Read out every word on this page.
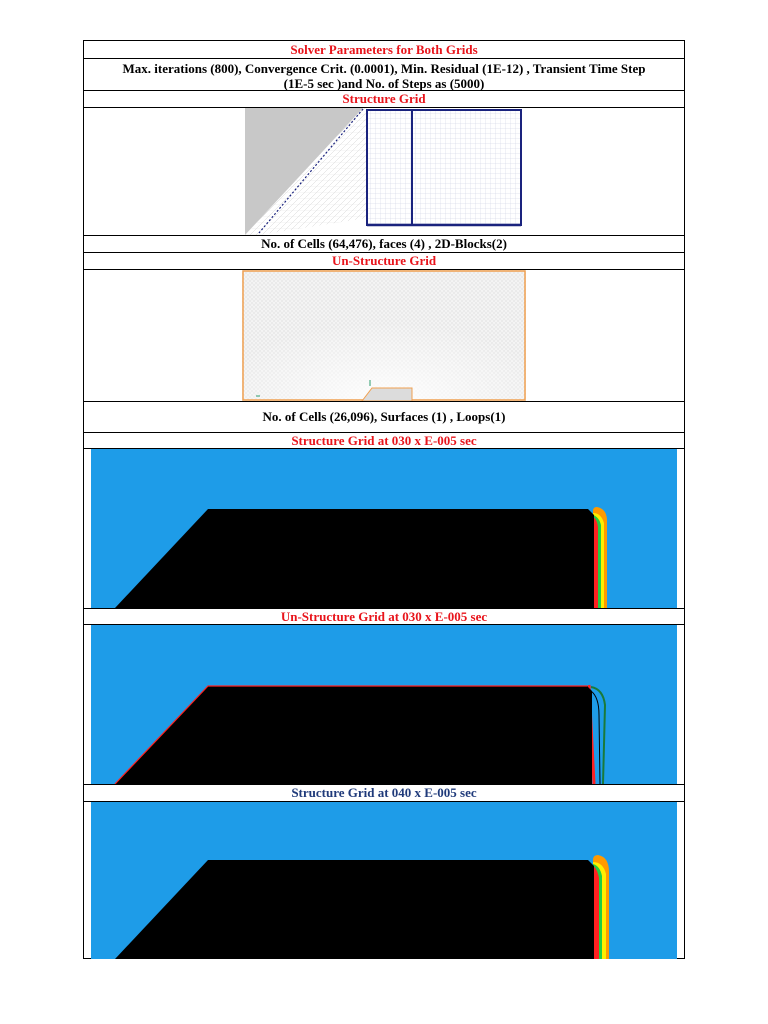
Solver Parameters for Both Grids
Max. iterations (800), Convergence Crit. (0.0001), Min. Residual (1E-12) , Transient Time Step (1E-5 sec )and No. of Steps as (5000)
Structure Grid
No. of Cells (64,476), faces (4) , 2D-Blocks(2)
Un-Structure Grid
No. of Cells (26,096), Surfaces (1) , Loops(1)
Structure Grid at 030 x E-005 sec
Un-Structure Grid at 030 x E-005 sec
Structure Grid at 040 x E-005 sec
